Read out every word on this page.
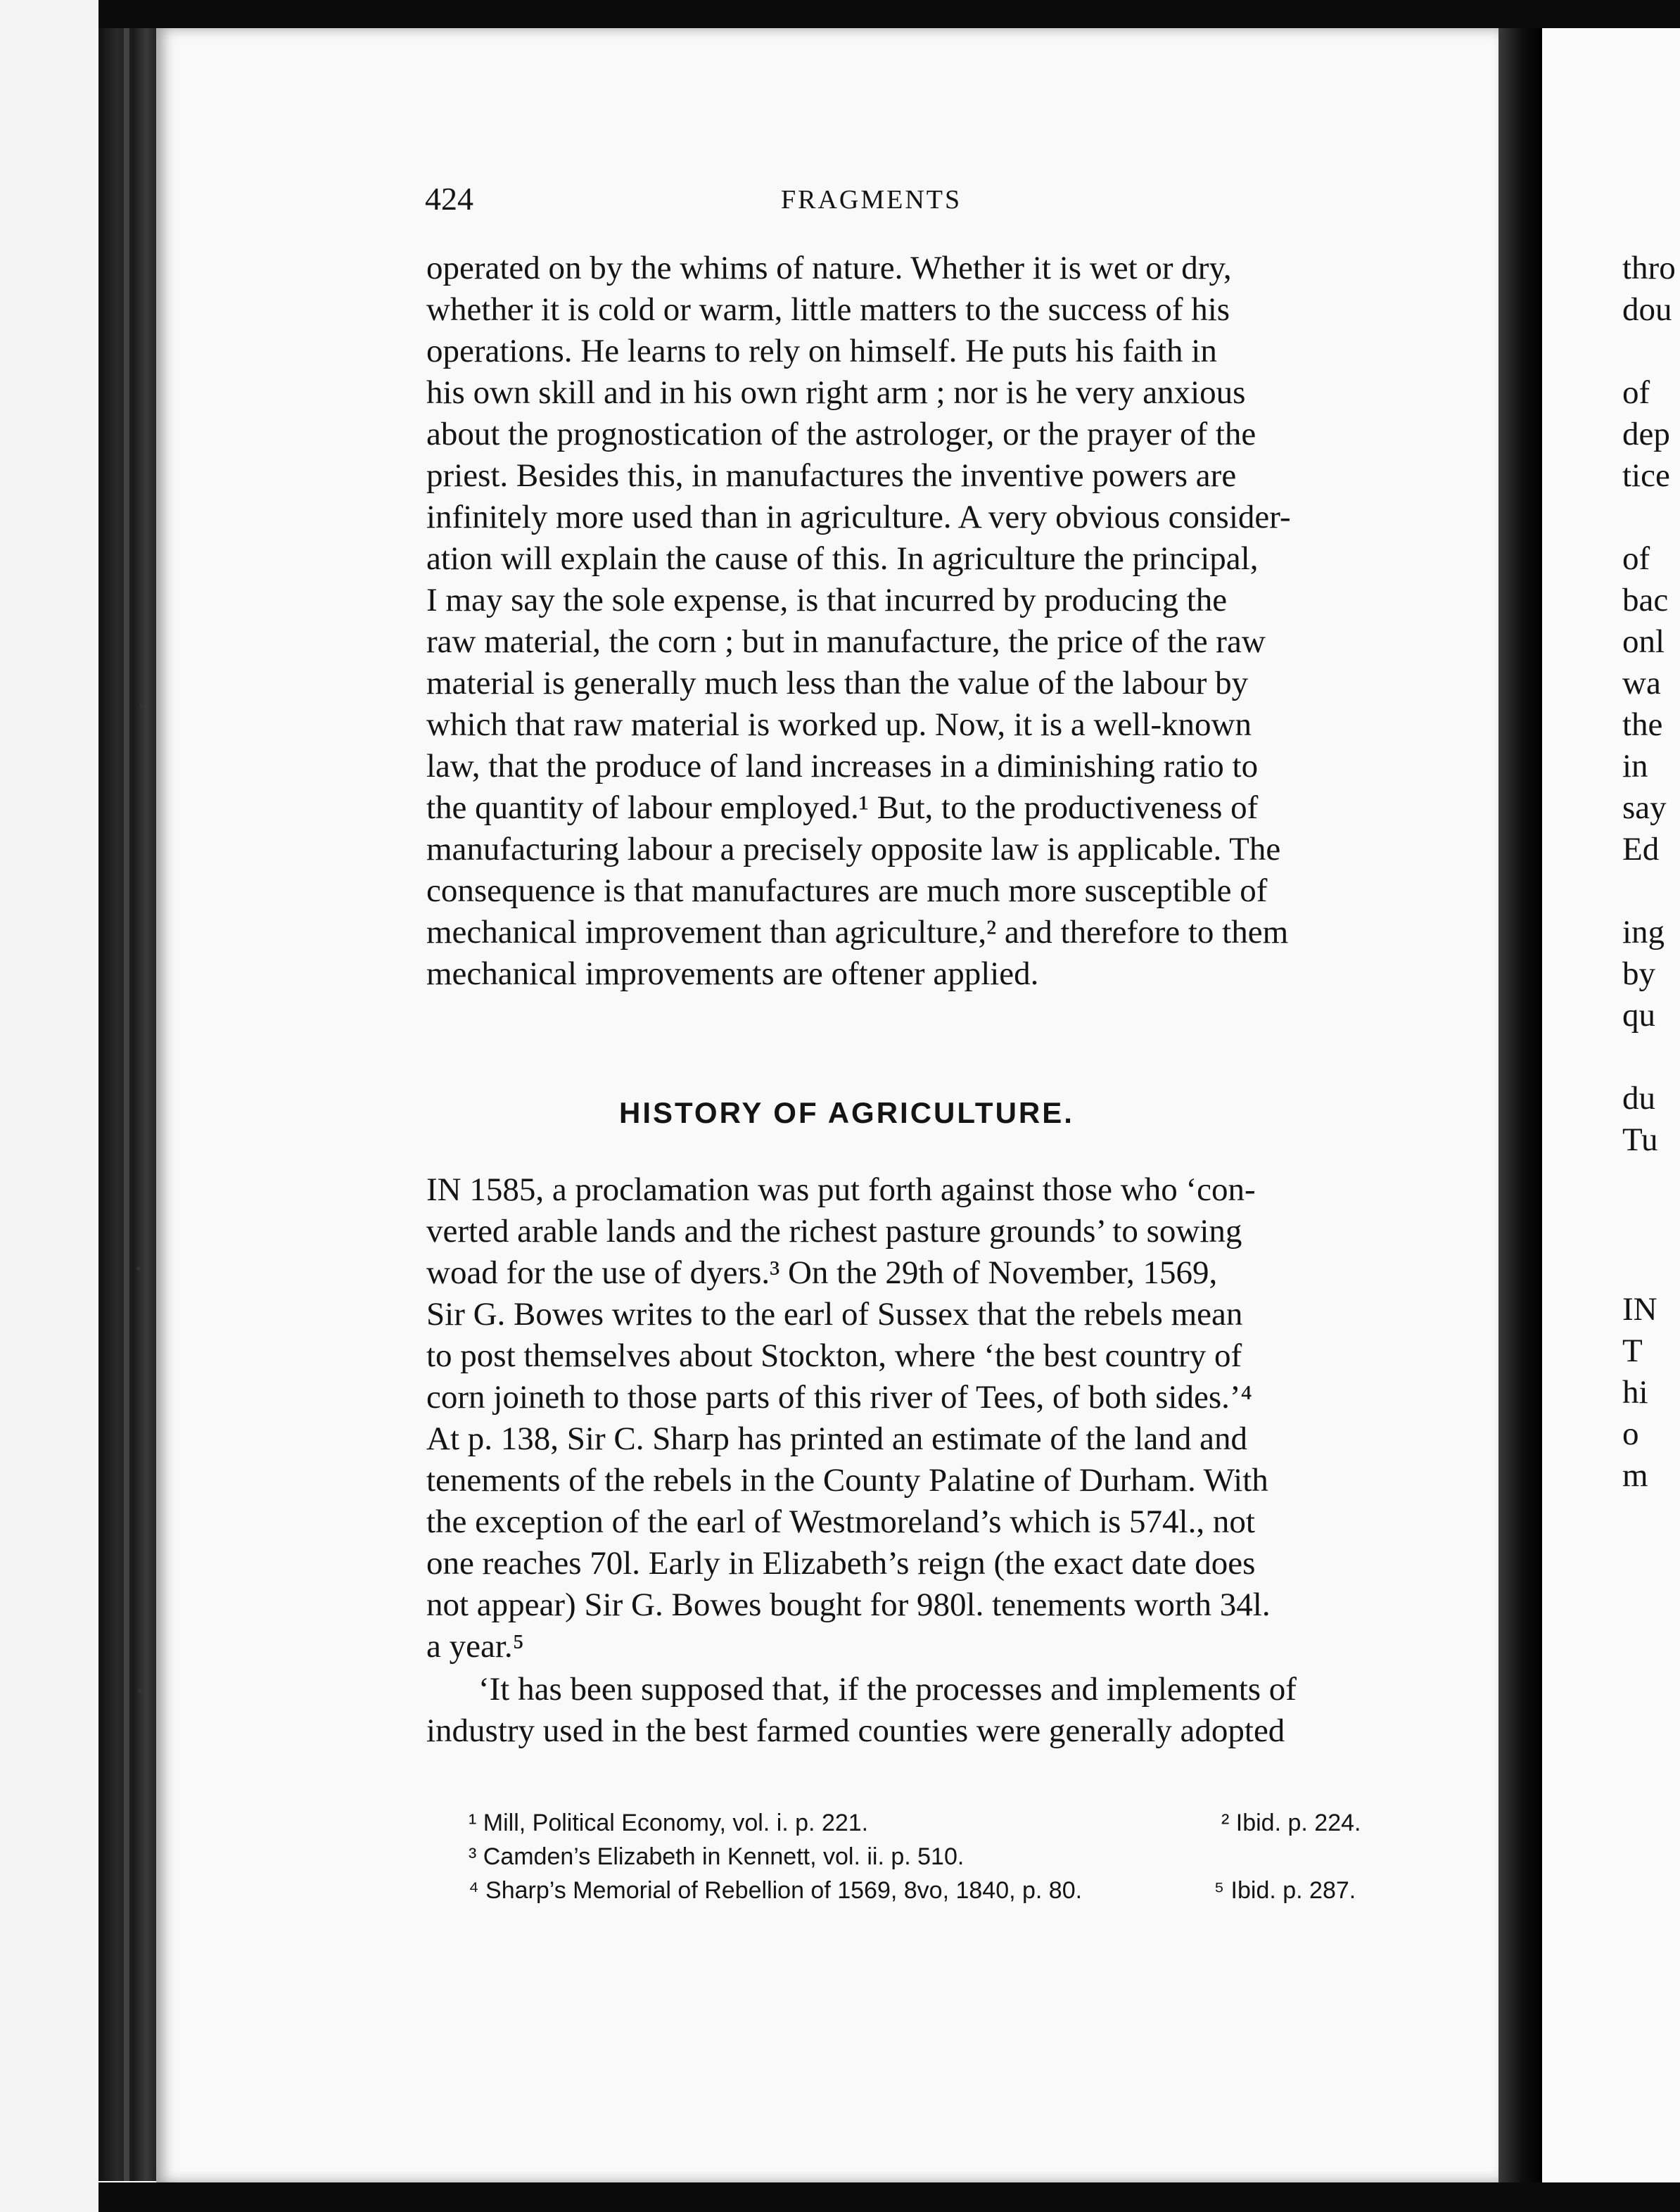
424	FRAGMENTS
operated on by the whims of nature. Whether it is wet or dry,
whether it is cold or warm, little matters to the success of his
operations. He learns to rely on himself. He puts his faith in
his own skill and in his own right arm ; nor is he very anxious
about the prognostication of the astrologer, or the prayer of the
priest. Besides this, in manufactures the inventive powers are
infinitely more used than in agriculture. A very obvious consider-
ation will explain the cause of this. In agriculture the principal,
I may say the sole expense, is that incurred by producing the
raw material, the corn ; but in manufacture, the price of the raw
material is generally much less than the value of the labour by
which that raw material is worked up. Now, it is a well-known
law, that the produce of land increases in a diminishing ratio to
the quantity of labour employed.¹ But, to the productiveness of
manufacturing labour a precisely opposite law is applicable. The
consequence is that manufactures are much more susceptible of
mechanical improvement than agriculture,² and therefore to them
mechanical improvements are oftener applied.
HISTORY OF AGRICULTURE.
IN 1585, a proclamation was put forth against those who ‘con-
verted arable lands and the richest pasture grounds’ to sowing
woad for the use of dyers.³ On the 29th of November, 1569,
Sir G. Bowes writes to the earl of Sussex that the rebels mean
to post themselves about Stockton, where ‘the best country of
corn joineth to those parts of this river of Tees, of both sides.’⁴
At p. 138, Sir C. Sharp has printed an estimate of the land and
tenements of the rebels in the County Palatine of Durham. With
the exception of the earl of Westmoreland’s which is 574l., not
one reaches 70l. Early in Elizabeth’s reign (the exact date does
not appear) Sir G. Bowes bought for 980l. tenements worth 34l.
a year.⁵
‘It has been supposed that, if the processes and implements of
industry used in the best farmed counties were generally adopted
¹ Mill, Political Economy, vol. i. p. 221.	² Ibid. p. 224.
³ Camden’s Elizabeth in Kennett, vol. ii. p. 510.
⁴ Sharp’s Memorial of Rebellion of 1569, 8vo, 1840, p. 80.	⁵ Ibid. p. 287.
thro
dou
of
dep
tice
of
bac
onl
wa
the
in
say
Ed
ing
by
qu
du
Tu
IN
T
hi
o
m
